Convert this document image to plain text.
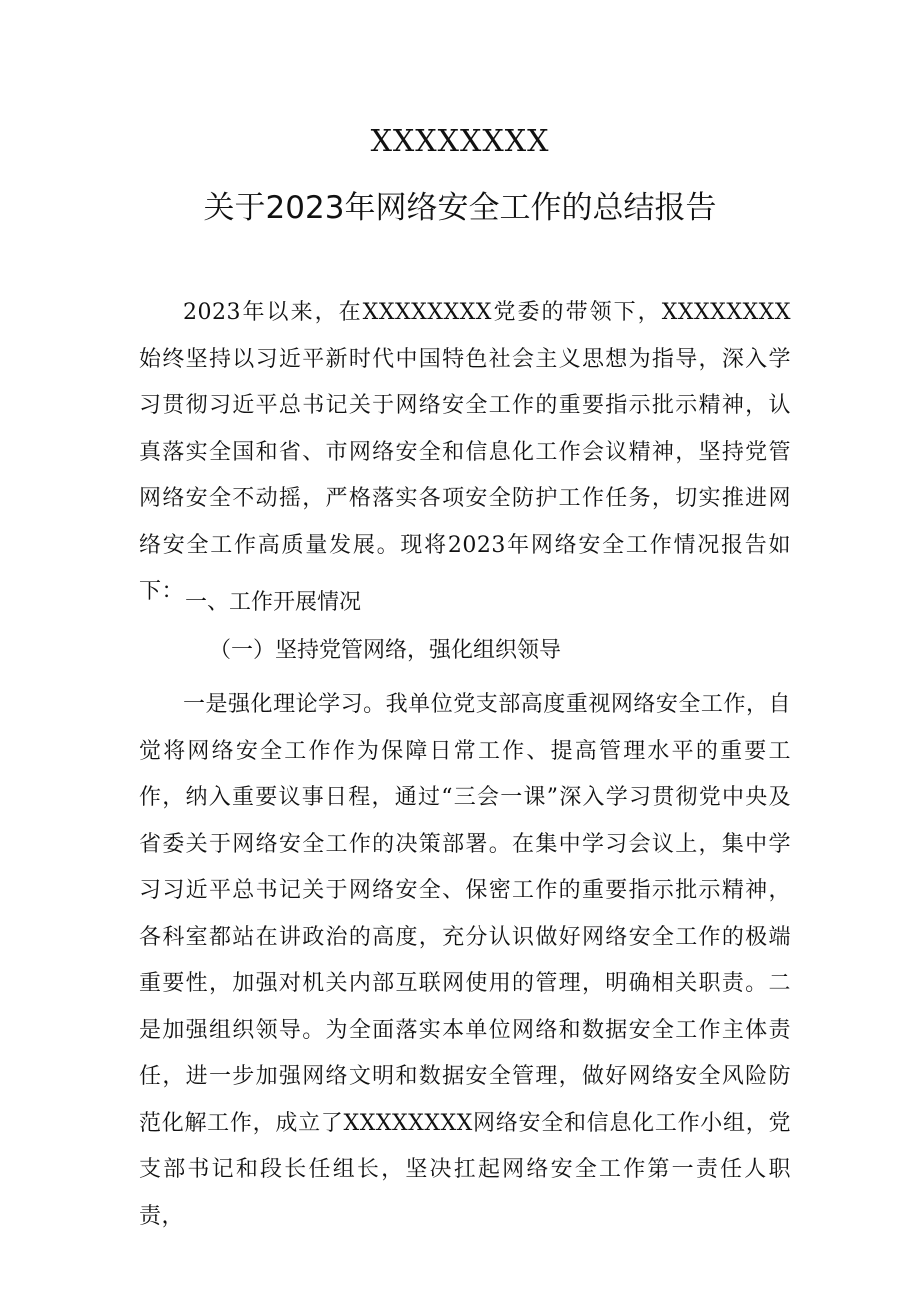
XXXXXXXX
关于2023年网络安全工作的总结报告

2023年以来，在XXXXXXXX党委的带领下，XXXXXXXX始终坚持以习近平新时代中国特色社会主义思想为指导，深入学习贯彻习近平总书记关于网络安全工作的重要指示批示精神，认真落实全国和省、市网络安全和信息化工作会议精神，坚持党管网络安全不动摇，严格落实各项安全防护工作任务，切实推进网络安全工作高质量发展。现将2023年网络安全工作情况报告如下： 一、工作开展情况
（一）坚持党管网络，强化组织领导

一是强化理论学习。我单位党支部高度重视网络安全工作，自觉将网络安全工作作为保障日常工作、提高管理水平的重要工作，纳入重要议事日程，通过“三会一课”深入学习贯彻党中央及省委关于网络安全工作的决策部署。在集中学习会议上，集中学习习近平总书记关于网络安全、保密工作的重要指示批示精神，各科室都站在讲政治的高度，充分认识做好网络安全工作的极端重要性，加强对机关内部互联网使用的管理，明确相关职责。二是加强组织领导。为全面落实本单位网络和数据安全工作主体责任，进一步加强网络文明和数据安全管理，做好网络安全风险防范化解工作，成立了XXXXXXXX网络安全和信息化工作小组，党支部书记和段长任组长，坚决扛起网络安全工作第一责任人职责，
